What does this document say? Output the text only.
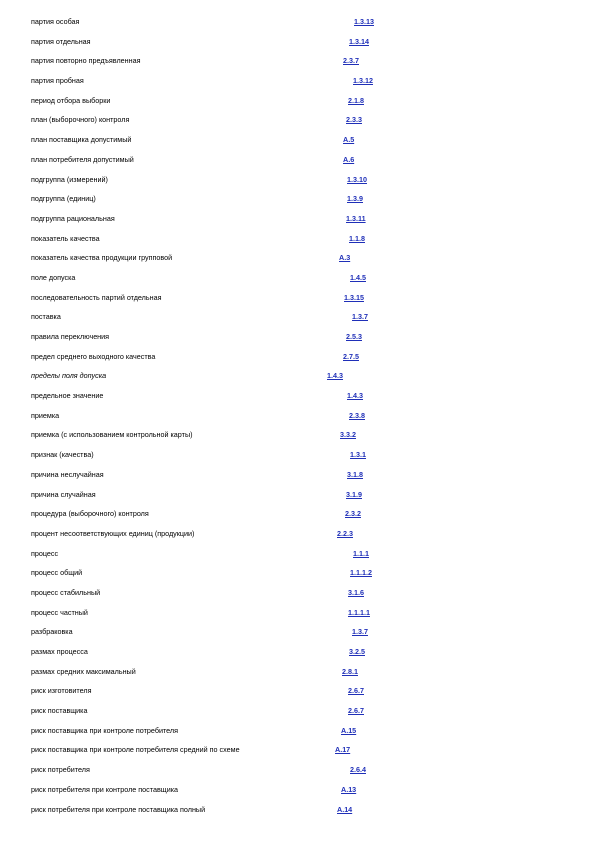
партия особая	1.3.13
партия отдельная	1.3.14
партия повторно предъявленная	2.3.7
партия пробная	1.3.12
период отбора выборки	2.1.8
план (выборочного) контроля	2.3.3
план поставщика допустимый	А.5
план потребителя допустимый	А.6
подгруппа (измерений)	1.3.10
подгруппа (единиц)	1.3.9
подгруппа рациональная	1.3.11
показатель качества	1.1.8
показатель качества продукции групповой	А.3
поле допуска	1.4.5
последовательность партий отдельная	1.3.15
поставка	1.3.7
правила переключения	2.5.3
предел среднего выходного качества	2.7.5
пределы поля допуска	1.4.3
предельное значение	1.4.3
приемка	2.3.8
приемка (с использованием контрольной карты)	3.3.2
признак (качества)	1.3.1
причина неслучайная	3.1.8
причина случайная	3.1.9
процедура (выборочного) контроля	2.3.2
процент несоответствующих единиц (продукции)	2.2.3
процесс	1.1.1
процесс общий	1.1.1.2
процесс стабильный	3.1.6
процесс частный	1.1.1.1
разбраковка	1.3.7
размах процесса	3.2.5
размах средних максимальный	2.8.1
риск изготовителя	2.6.7
риск поставщика	2.6.7
риск поставщика при контроле потребителя	А.15
риск поставщика при контроле потребителя средний по схеме	А.17
риск потребителя	2.6.4
риск потребителя при контроле поставщика	А.13
риск потребителя при контроле поставщика полный	А.14
